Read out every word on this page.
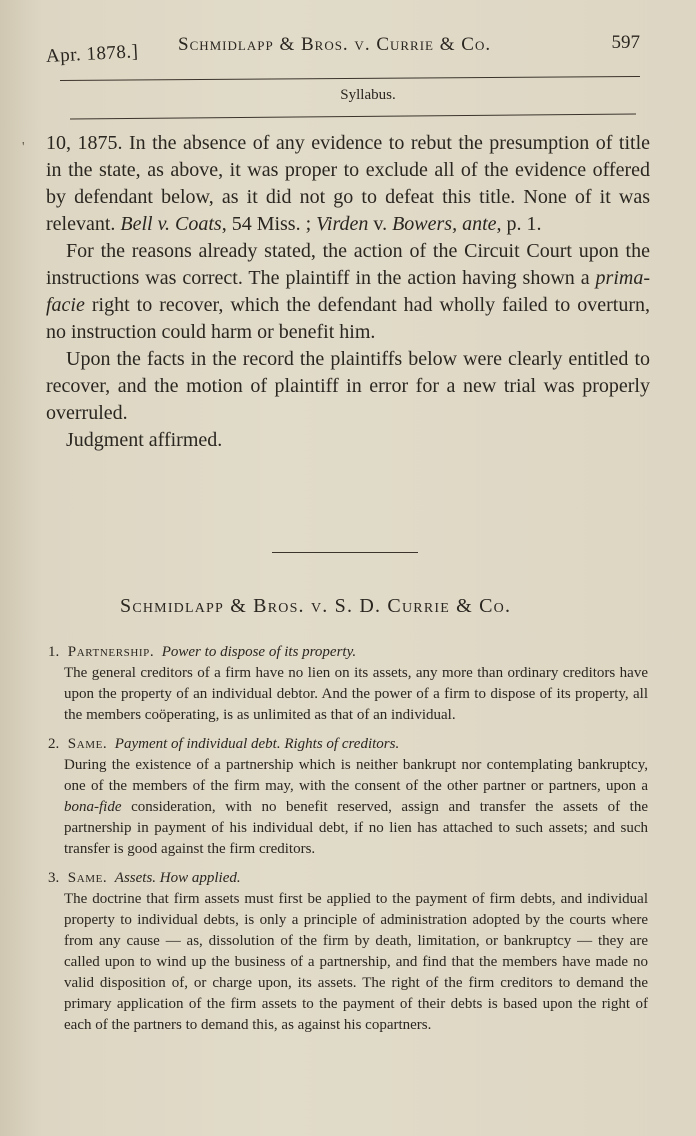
Apr. 1878.] Schmidlapp & Bros. v. Currie & Co.	597
Syllabus.
' 10, 1875. In the absence of any evidence to rebut the presumption of title in the state, as above, it was proper to exclude all of the evidence offered by defendant below, as it did not go to defeat this title. None of it was relevant. Bell v. Coats, 54 Miss. ; Virden v. Bowers, ante, p. 1.

For the reasons already stated, the action of the Circuit Court upon the instructions was correct. The plaintiff in the action having shown a prima-facie right to recover, which the defendant had wholly failed to overturn, no instruction could harm or benefit him.

Upon the facts in the record the plaintiffs below were clearly entitled to recover, and the motion of plaintiff in error for a new trial was properly overruled.

Judgment affirmed.

Schmidlapp & Bros. v. S. D. Currie & Co.

1. Partnership. Power to dispose of its property.

The general creditors of a firm have no lien on its assets, any more than ordinary creditors have upon the property of an individual debtor. And the power of a firm to dispose of its property, all the members coöperating, is as unlimited as that of an individual.

2. Same. Payment of individual debt. Rights of creditors.

During the existence of a partnership which is neither bankrupt nor contemplating bankruptcy, one of the members of the firm may, with the consent of the other partner or partners, upon a bona-fide consideration, with no benefit reserved, assign and transfer the assets of the partnership in payment of his individual debt, if no lien has attached to such assets; and such transfer is good against the firm creditors.

3. Same. Assets. How applied.

The doctrine that firm assets must first be applied to the payment of firm debts, and individual property to individual debts, is only a principle of administration adopted by the courts where from any cause — as, dissolution of the firm by death, limitation, or bankruptcy — they are called upon to wind up the business of a partnership, and find that the members have made no valid disposition of, or charge upon, its assets. The right of the firm creditors to demand the primary application of the firm assets to the payment of their debts is based upon the right of each of the partners to demand this, as against his copartners.
